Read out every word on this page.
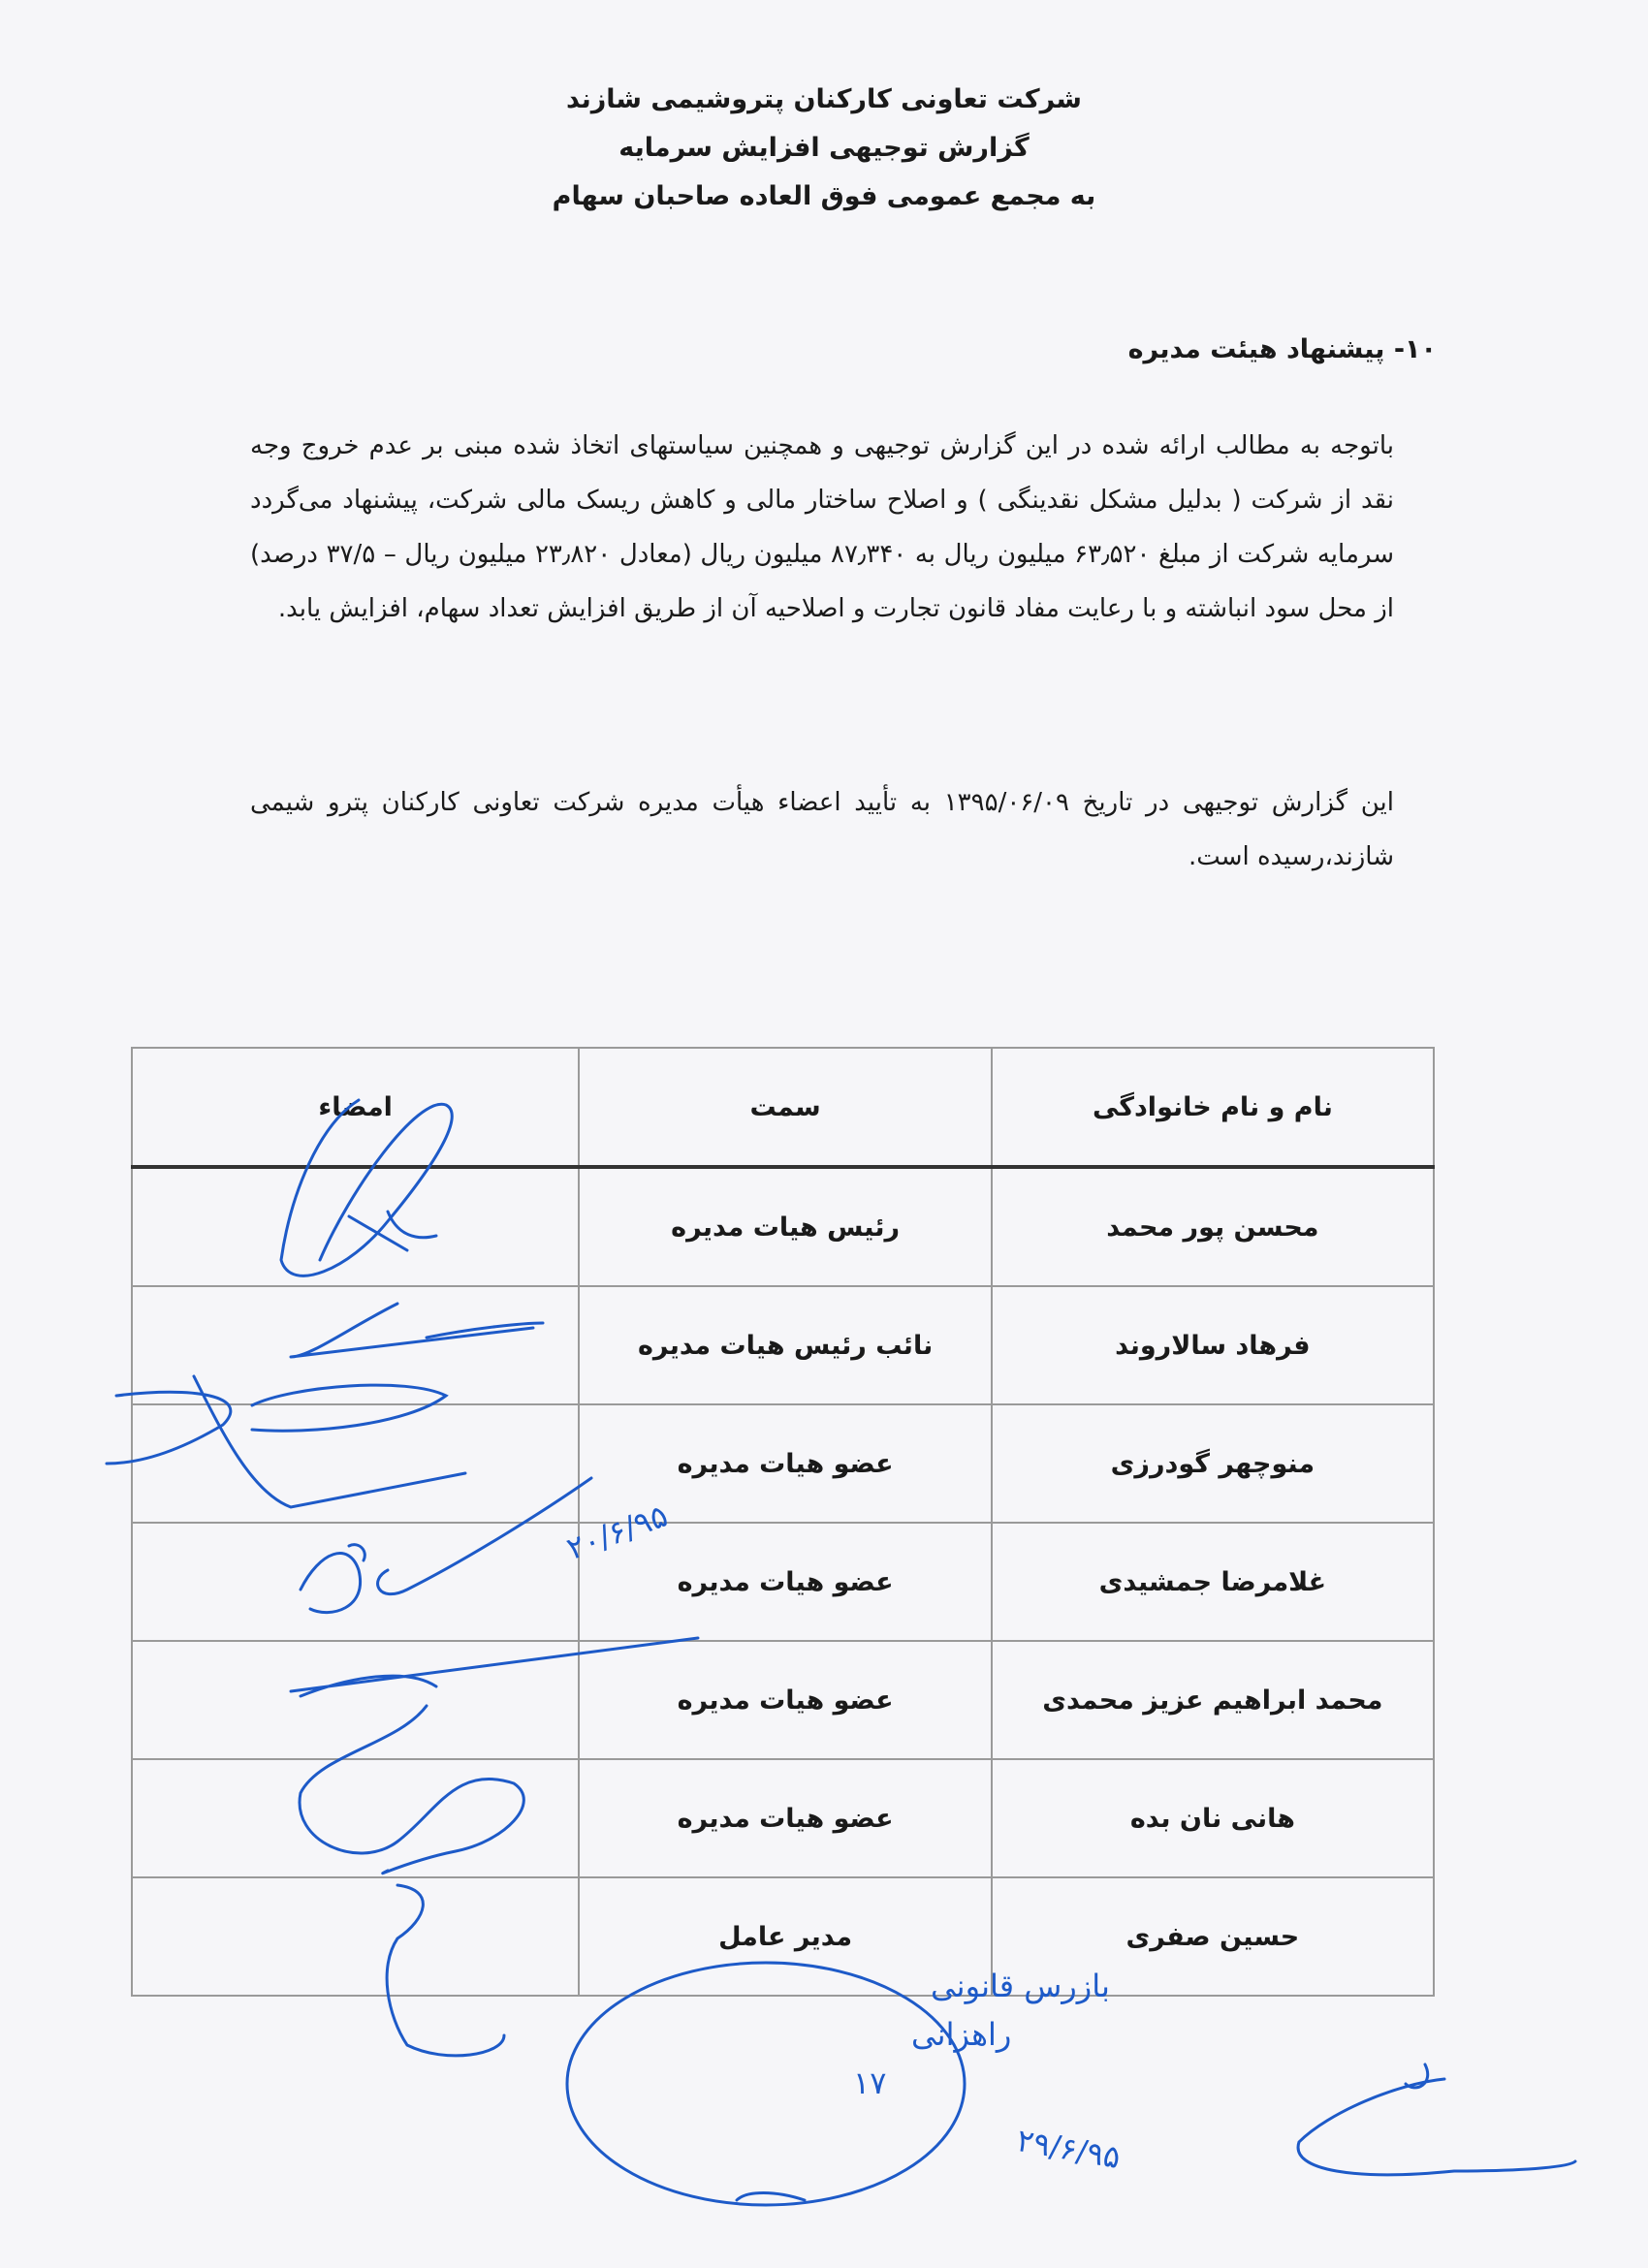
شرکت تعاونی کارکنان پتروشیمی شازند
گزارش توجیهی افزایش سرمایه
به مجمع عمومی فوق العاده صاحبان سهام
۱۰- پیشنهاد هیئت مدیره
باتوجه به مطالب ارائه شده در این گزارش توجیهی و همچنین سیاستهای اتخاذ شده مبنی بر عدم خروج وجه نقد از شرکت ( بدلیل مشکل نقدینگی ) و اصلاح ساختار مالی و کاهش ریسک مالی شرکت، پیشنهاد می‌گردد سرمایه شرکت از مبلغ ۶۳٫۵۲۰ میلیون ریال به ۸۷٫۳۴۰ میلیون ریال (معادل ۲۳٫۸۲۰ میلیون ریال – ۳۷/۵ درصد) از محل سود انباشته و با رعایت مفاد قانون تجارت و اصلاحیه آن از طریق افزایش تعداد سهام، افزایش یابد.
این گزارش توجیهی در تاریخ ۱۳۹۵/۰۶/۰۹ به تأیید اعضاء هیأت مدیره شرکت تعاونی کارکنان پترو شیمی شازند،رسیده است.
نام و نام خانوادگی	سمت	امضاء
محسن پور محمد	رئیس هیات مدیره	
فرهاد سالاروند	نائب رئیس هیات مدیره	
منوچهر گودرزی	عضو هیات مدیره	
غلامرضا جمشیدی	عضو هیات مدیره	
محمد ابراهیم عزیز محمدی	عضو هیات مدیره	
هانی نان بده	عضو هیات مدیره	
حسین صفری	مدیر عامل	
بازرس قانونی
راهزانی
۱۷
۲۰/۶/۹۵
۲۹/۶/۹۵
